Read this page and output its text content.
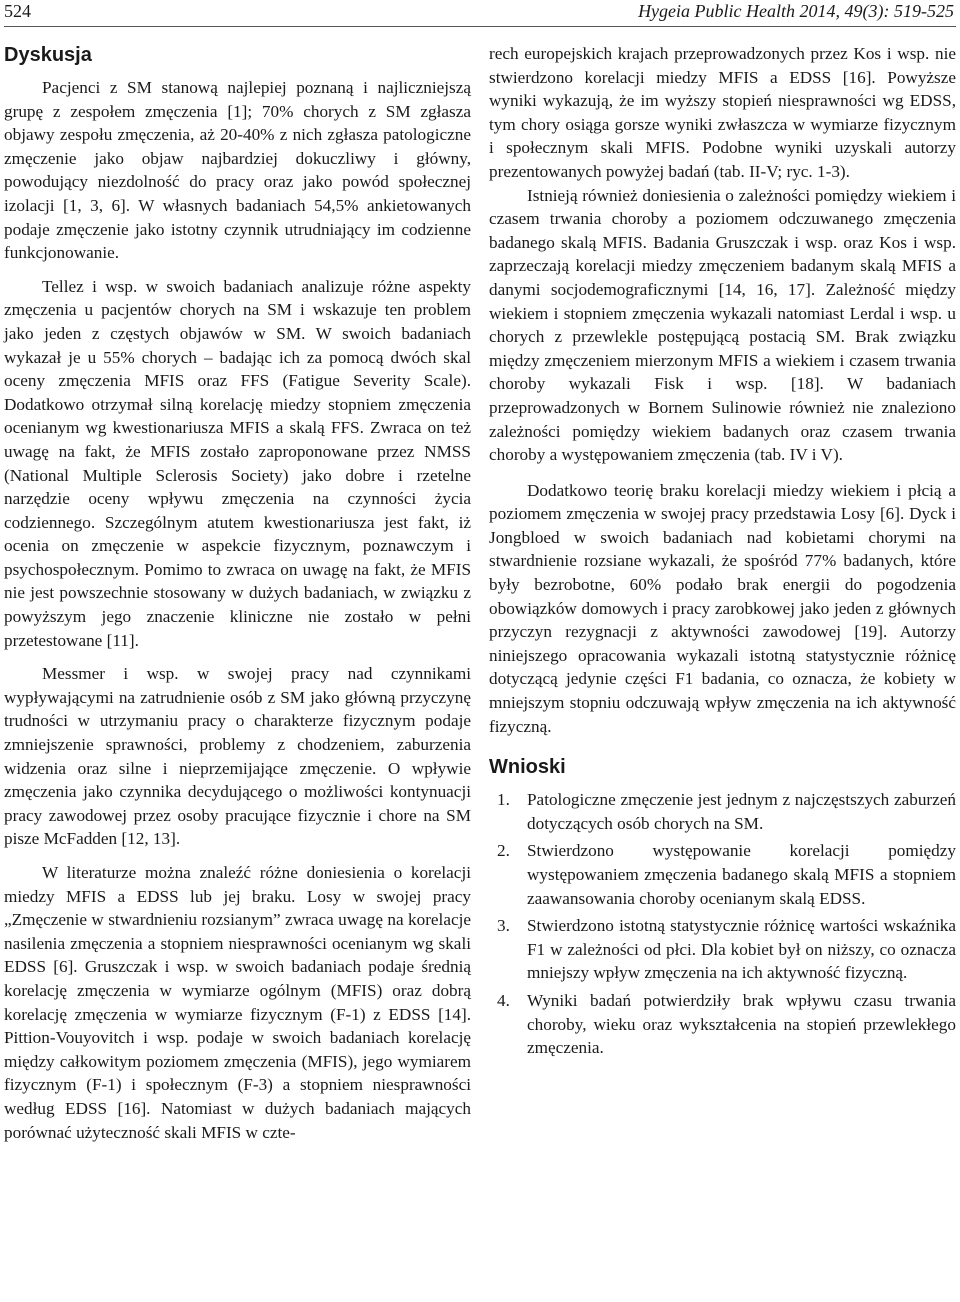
524	Hygeia Public Health 2014, 49(3): 519-525
Dyskusja

Pacjenci z SM stanową najlepiej poznaną i najliczniejszą grupę z zespołem zmęczenia [1]; 70% chorych z SM zgłasza objawy zespołu zmęczenia, aż 20-40% z nich zgłasza patologiczne zmęczenie jako objaw najbardziej dokuczliwy i główny, powodujący niezdolność do pracy oraz jako powód społecznej izolacji [1, 3, 6]. W własnych badaniach 54,5% ankietowanych podaje zmęczenie jako istotny czynnik utrudniający im codzienne funkcjonowanie.

Tellez i wsp. w swoich badaniach analizuje różne aspekty zmęczenia u pacjentów chorych na SM i wskazuje ten problem jako jeden z częstych objawów w SM. W swoich badaniach wykazał je u 55% chorych – badając ich za pomocą dwóch skal oceny zmęczenia MFIS oraz FFS (Fatigue Severity Scale). Dodatkowo otrzymał silną korelację miedzy stopniem zmęczenia ocenianym wg kwestionariusza MFIS a skalą FFS. Zwraca on też uwagę na fakt, że MFIS zostało zaproponowane przez NMSS (National Multiple Sclerosis Society) jako dobre i rzetelne narzędzie oceny wpływu zmęczenia na czynności życia codziennego. Szczególnym atutem kwestionariusza jest fakt, iż ocenia on zmęczenie w aspekcie fizycznym, poznawczym i psychospołecznym. Pomimo to zwraca on uwagę na fakt, że MFIS nie jest powszechnie stosowany w dużych badaniach, w związku z powyższym jego znaczenie kliniczne nie zostało w pełni przetestowane [11].

Messmer i wsp. w swojej pracy nad czynnikami wypływającymi na zatrudnienie osób z SM jako główną przyczynę trudności w utrzymaniu pracy o charakterze fizycznym podaje zmniejszenie sprawności, problemy z chodzeniem, zaburzenia widzenia oraz silne i nieprzemijające zmęczenie. O wpływie zmęczenia jako czynnika decydującego o możliwości kontynuacji pracy zawodowej przez osoby pracujące fizycznie i chore na SM pisze McFadden [12, 13].

W literaturze można znaleźć różne doniesienia o korelacji miedzy MFIS a EDSS lub jej braku. Losy w swojej pracy „Zmęczenie w stwardnieniu rozsianym” zwraca uwagę na korelacje nasilenia zmęczenia a stopniem niesprawności ocenianym wg skali EDSS [6]. Gruszczak i wsp. w swoich badaniach podaje średnią korelację zmęczenia w wymiarze ogólnym (MFIS) oraz dobrą korelację zmęczenia w wymiarze fizycznym (F-1) z EDSS [14]. Pittion-Vouyovitch i wsp. podaje w swoich badaniach korelację między całkowitym poziomem zmęczenia (MFIS), jego wymiarem fizycznym (F-1) i społecznym (F-3) a stopniem niesprawności według EDSS [16]. Natomiast w dużych badaniach mających porównać użyteczność skali MFIS w czte-

rech europejskich krajach przeprowadzonych przez Kos i wsp. nie stwierdzono korelacji miedzy MFIS a EDSS [16]. Powyższe wyniki wykazują, że im wyższy stopień niesprawności wg EDSS, tym chory osiąga gorsze wyniki zwłaszcza w wymiarze fizycznym i społecznym skali MFIS. Podobne wyniki uzyskali autorzy prezentowanych powyżej badań (tab. II-V; ryc. 1-3).

Istnieją również doniesienia o zależności pomiędzy wiekiem i czasem trwania choroby a poziomem odczuwanego zmęczenia badanego skalą MFIS. Badania Gruszczak i wsp. oraz Kos i wsp. zaprzeczają korelacji miedzy zmęczeniem badanym skalą MFIS a danymi socjodemograficznymi [14, 16, 17]. Zależność między wiekiem i stopniem zmęczenia wykazali natomiast Lerdal i wsp. u chorych z przewlekle postępującą postacią SM. Brak związku między zmęczeniem mierzonym MFIS a wiekiem i czasem trwania choroby wykazali Fisk i wsp. [18]. W badaniach przeprowadzonych w Bornem Sulinowie również nie znaleziono zależności pomiędzy wiekiem badanych oraz czasem trwania choroby a występowaniem zmęczenia (tab. IV i V).

Dodatkowo teorię braku korelacji miedzy wiekiem i płcią a poziomem zmęczenia w swojej pracy przedstawia Losy [6]. Dyck i Jongbloed w swoich badaniach nad kobietami chorymi na stwardnienie rozsiane wykazali, że spośród 77% badanych, które były bezrobotne, 60% podało brak energii do pogodzenia obowiązków domowych i pracy zarobkowej jako jeden z głównych przyczyn rezygnacji z aktywności zawodowej [19]. Autorzy niniejszego opracowania wykazali istotną statystycznie różnicę dotyczącą jedynie części F1 badania, co oznacza, że kobiety w mniejszym stopniu odczuwają wpływ zmęczenia na ich aktywność fizyczną.

Wnioski
1. Patologiczne zmęczenie jest jednym z najczęstszych zaburzeń dotyczących osób chorych na SM.
2. Stwierdzono występowanie korelacji pomiędzy występowaniem zmęczenia badanego skalą MFIS a stopniem zaawansowania choroby ocenianym skalą EDSS.
3. Stwierdzono istotną statystycznie różnicę wartości wskaźnika F1 w zależności od płci. Dla kobiet był on niższy, co oznacza mniejszy wpływ zmęczenia na ich aktywność fizyczną.
4. Wyniki badań potwierdziły brak wpływu czasu trwania choroby, wieku oraz wykształcenia na stopień przewlekłego zmęczenia.
